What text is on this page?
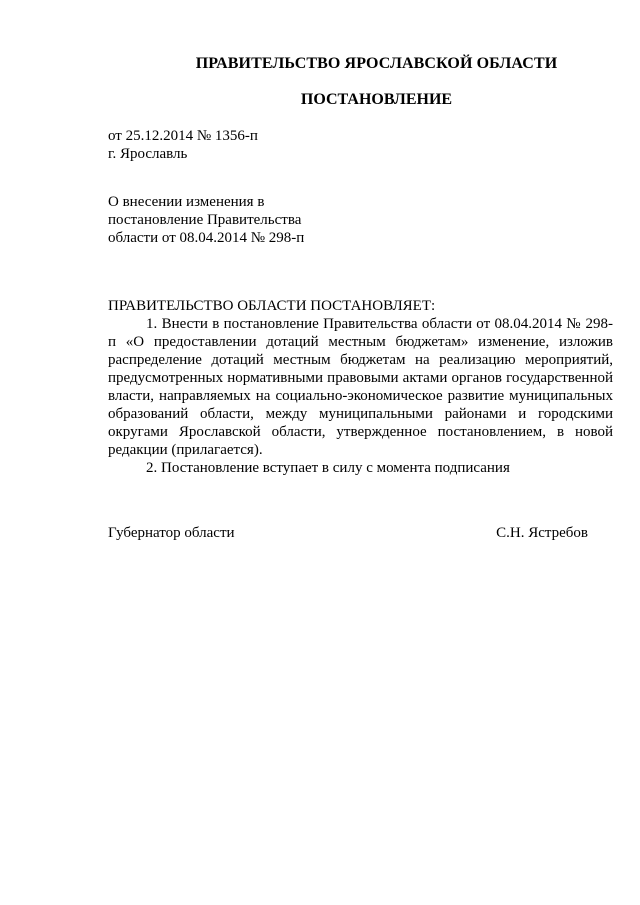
ПРАВИТЕЛЬСТВО ЯРОСЛАВСКОЙ ОБЛАСТИ
ПОСТАНОВЛЕНИЕ
от 25.12.2014 № 1356-п
г. Ярославль
О внесении изменения в
постановление Правительства
области от 08.04.2014 № 298-п
ПРАВИТЕЛЬСТВО ОБЛАСТИ ПОСТАНОВЛЯЕТ:

1. Внести в постановление Правительства области от 08.04.2014 № 298-п «О предоставлении дотаций местным бюджетам» изменение, изложив распределение дотаций местным бюджетам на реализацию мероприятий, предусмотренных нормативными правовыми актами органов государственной власти, направляемых на социально-экономическое развитие муниципальных образований области, между муниципальными районами и городскими округами Ярославской области, утвержденное постановлением, в новой редакции (прилагается).

2. Постановление вступает в силу с момента подписания

Губернатор области	С.Н. Ястребов
